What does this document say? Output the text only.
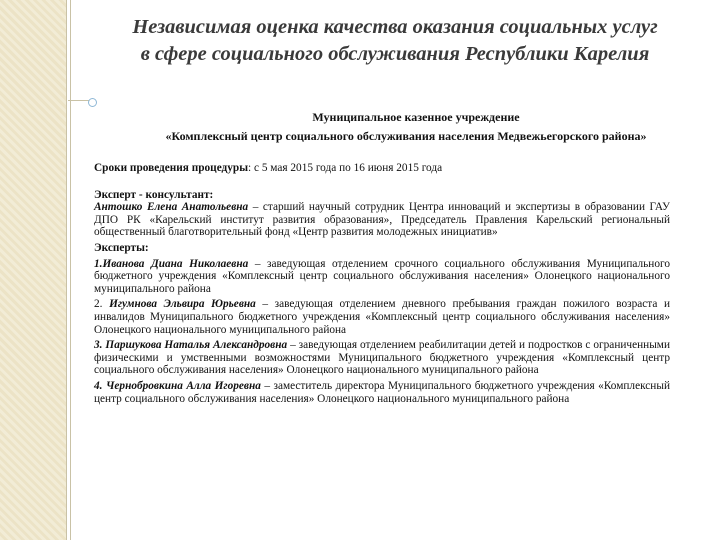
Независимая оценка качества оказания социальных услуг
в сфере социального обслуживания Республики Карелия
Муниципальное казенное учреждение
«Комплексный центр социального обслуживания населения Медвежьегорского района»

Сроки проведения процедуры: с 5 мая 2015 года по 16 июня 2015 года

Эксперт - консультант:

Антошко Елена Анатольевна – старший научный сотрудник Центра инноваций и экспертизы в образовании ГАУ ДПО РК «Карельский институт развития образования», Председатель Правления Карельский региональный общественный благотворительный фонд «Центр развития молодежных инициатив»

Эксперты:

1.Иванова Диана Николаевна – заведующая отделением срочного социального обслуживания Муниципального бюджетного учреждения «Комплексный центр социального обслуживания населения» Олонецкого национального муниципального района

2. Игумнова Эльвира Юрьевна – заведующая отделением дневного пребывания граждан пожилого возраста и инвалидов Муниципального бюджетного учреждения «Комплексный центр социального обслуживания населения» Олонецкого национального муниципального района

3. Паршукова Наталья Александровна – заведующая отделением реабилитации детей и подростков с ограниченными физическими и умственными возможностями Муниципального бюджетного учреждения «Комплексный центр социального обслуживания населения» Олонецкого национального муниципального района

4. Чернобровкина Алла Игоревна – заместитель директора Муниципального бюджетного учреждения «Комплексный центр социального обслуживания населения» Олонецкого национального муниципального района
